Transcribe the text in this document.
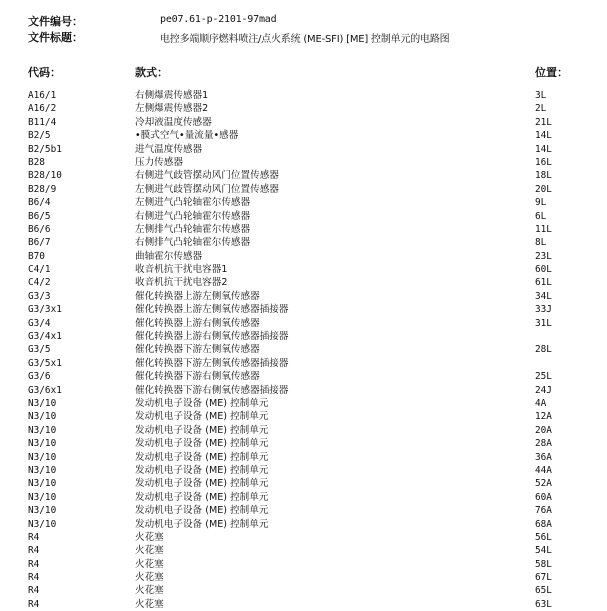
文件编号：	pe07.61-p-2101-97mad
文件标题：	电控多端顺序燃料喷注/点火系统 (ME-SFI) [ME] 控制单元的电路图
代码：	款式：	位置：
A16/1	右侧爆震传感器1	3L
A16/2	左侧爆震传感器2	2L
B11/4	冷却液温度传感器	21L
B2/5	•膜式空气•量流量•感器	14L
B2/5b1	进气温度传感器	14L
B28	压力传感器	16L
B28/10	右侧进气歧管摆动风门位置传感器	18L
B28/9	左侧进气歧管摆动风门位置传感器	20L
B6/4	左侧进气凸轮轴霍尔传感器	9L
B6/5	右侧进气凸轮轴霍尔传感器	6L
B6/6	左侧排气凸轮轴霍尔传感器	11L
B6/7	右侧排气凸轮轴霍尔传感器	8L
B70	曲轴霍尔传感器	23L
C4/1	收音机抗干扰电容器1	60L
C4/2	收音机抗干扰电容器2	61L
G3/3	催化转换器上游左侧氧传感器	34L
G3/3x1	催化转换器上游左侧氧传感器插接器	33J
G3/4	催化转换器上游右侧氧传感器	31L
G3/4x1	催化转换器上游右侧氧传感器插接器
G3/5	催化转换器下游左侧氧传感器	28L
G3/5x1	催化转换器下游左侧氧传感器插接器
G3/6	催化转换器下游右侧氧传感器	25L
G3/6x1	催化转换器下游右侧氧传感器插接器	24J
N3/10	发动机电子设备 (ME) 控制单元	4A
N3/10	发动机电子设备 (ME) 控制单元	12A
N3/10	发动机电子设备 (ME) 控制单元	20A
N3/10	发动机电子设备 (ME) 控制单元	28A
N3/10	发动机电子设备 (ME) 控制单元	36A
N3/10	发动机电子设备 (ME) 控制单元	44A
N3/10	发动机电子设备 (ME) 控制单元	52A
N3/10	发动机电子设备 (ME) 控制单元	60A
N3/10	发动机电子设备 (ME) 控制单元	76A
N3/10	发动机电子设备 (ME) 控制单元	68A
R4	火花塞	56L
R4	火花塞	54L
R4	火花塞	58L
R4	火花塞	67L
R4	火花塞	65L
R4	火花塞	63L
